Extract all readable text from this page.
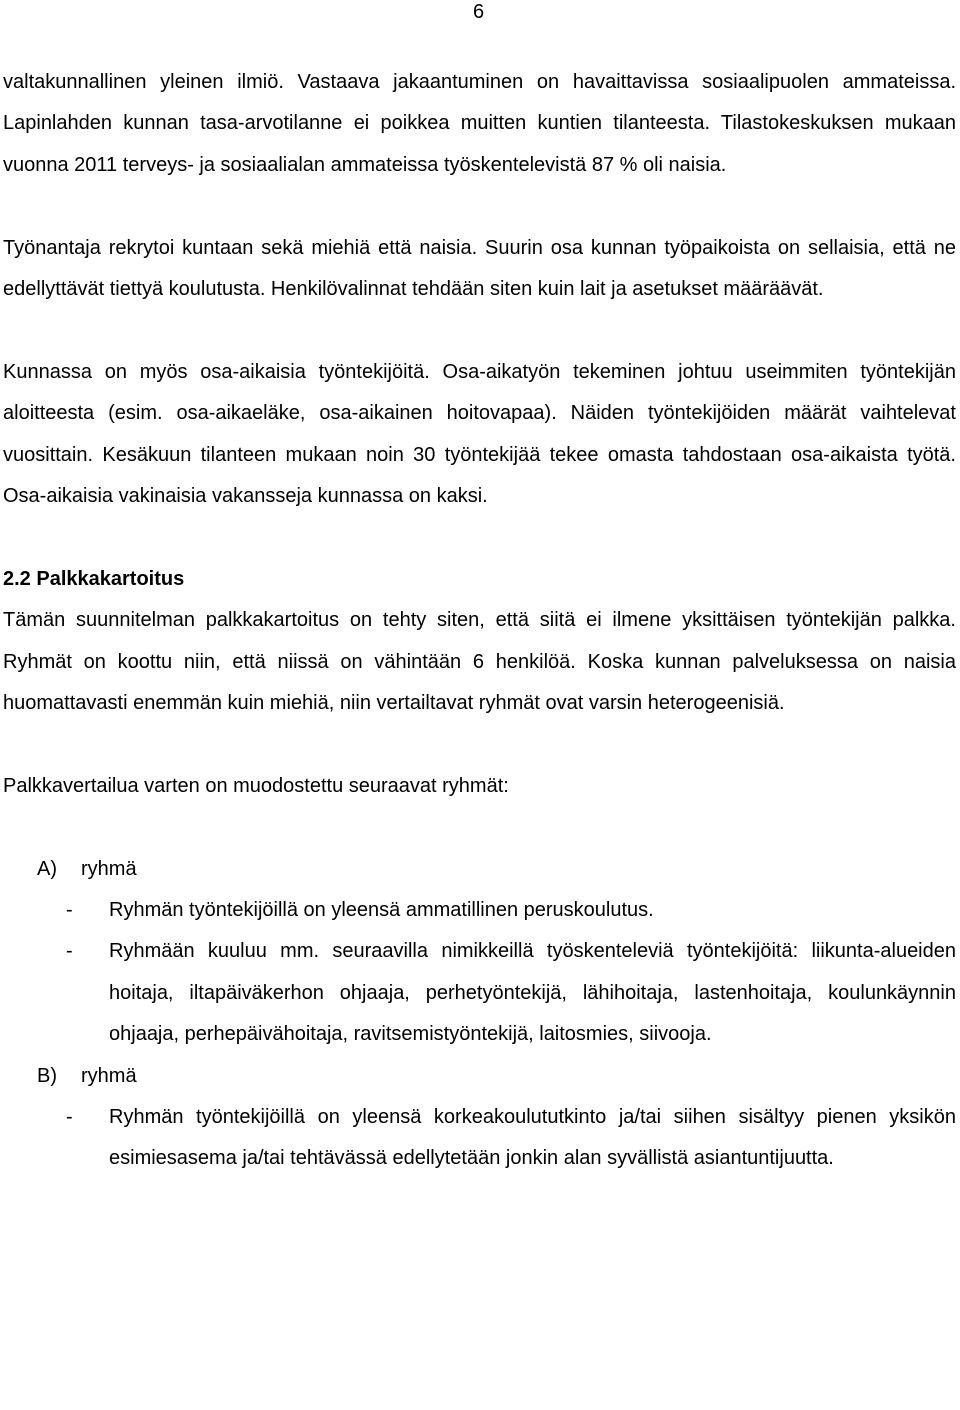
6

valtakunnallinen yleinen ilmiö. Vastaava jakaantuminen on havaittavissa sosiaalipuolen ammateissa. Lapinlahden kunnan tasa-arvotilanne ei poikkea muitten kuntien tilanteesta. Tilastokeskuksen mukaan vuonna 2011 terveys- ja sosiaalialan ammateissa työskentelevistä 87 % oli naisia.

Työnantaja rekrytoi kuntaan sekä miehiä että naisia. Suurin osa kunnan työpaikoista on sellaisia, että ne edellyttävät tiettyä koulutusta. Henkilövalinnat tehdään siten kuin lait ja asetukset määräävät.

Kunnassa on myös osa-aikaisia työntekijöitä. Osa-aikatyön tekeminen johtuu useimmiten työntekijän aloitteesta (esim. osa-aikaeläke, osa-aikainen hoitovapaa). Näiden työntekijöiden määrät vaihtelevat vuosittain. Kesäkuun tilanteen mukaan noin 30 työntekijää tekee omasta tahdostaan osa-aikaista työtä. Osa-aikaisia vakinaisia vakansseja kunnassa on kaksi.

2.2 Palkkakartoitus

Tämän suunnitelman palkkakartoitus on tehty siten, että siitä ei ilmene yksittäisen työntekijän palkka. Ryhmät on koottu niin, että niissä on vähintään 6 henkilöä. Koska kunnan palveluksessa on naisia huomattavasti enemmän kuin miehiä, niin vertailtavat ryhmät ovat varsin heterogeenisiä.

Palkkavertailua varten on muodostettu seuraavat ryhmät:

A) ryhmä
- Ryhmän työntekijöillä on yleensä ammatillinen peruskoulutus.
- Ryhmään kuuluu mm. seuraavilla nimikkeillä työskenteleviä työntekijöitä: liikunta-alueiden hoitaja, iltapäiväkerhon ohjaaja, perhetyöntekijä, lähihoitaja, lastenhoitaja, koulunkäynnin ohjaaja, perhepäivähoitaja, ravitsemistyöntekijä, laitosmies, siivooja.
B) ryhmä
- Ryhmän työntekijöillä on yleensä korkeakoulututkinto ja/tai siihen sisältyy pienen yksikön esimiesasema ja/tai tehtävässä edellytetään jonkin alan syvällistä asiantuntijuutta.
